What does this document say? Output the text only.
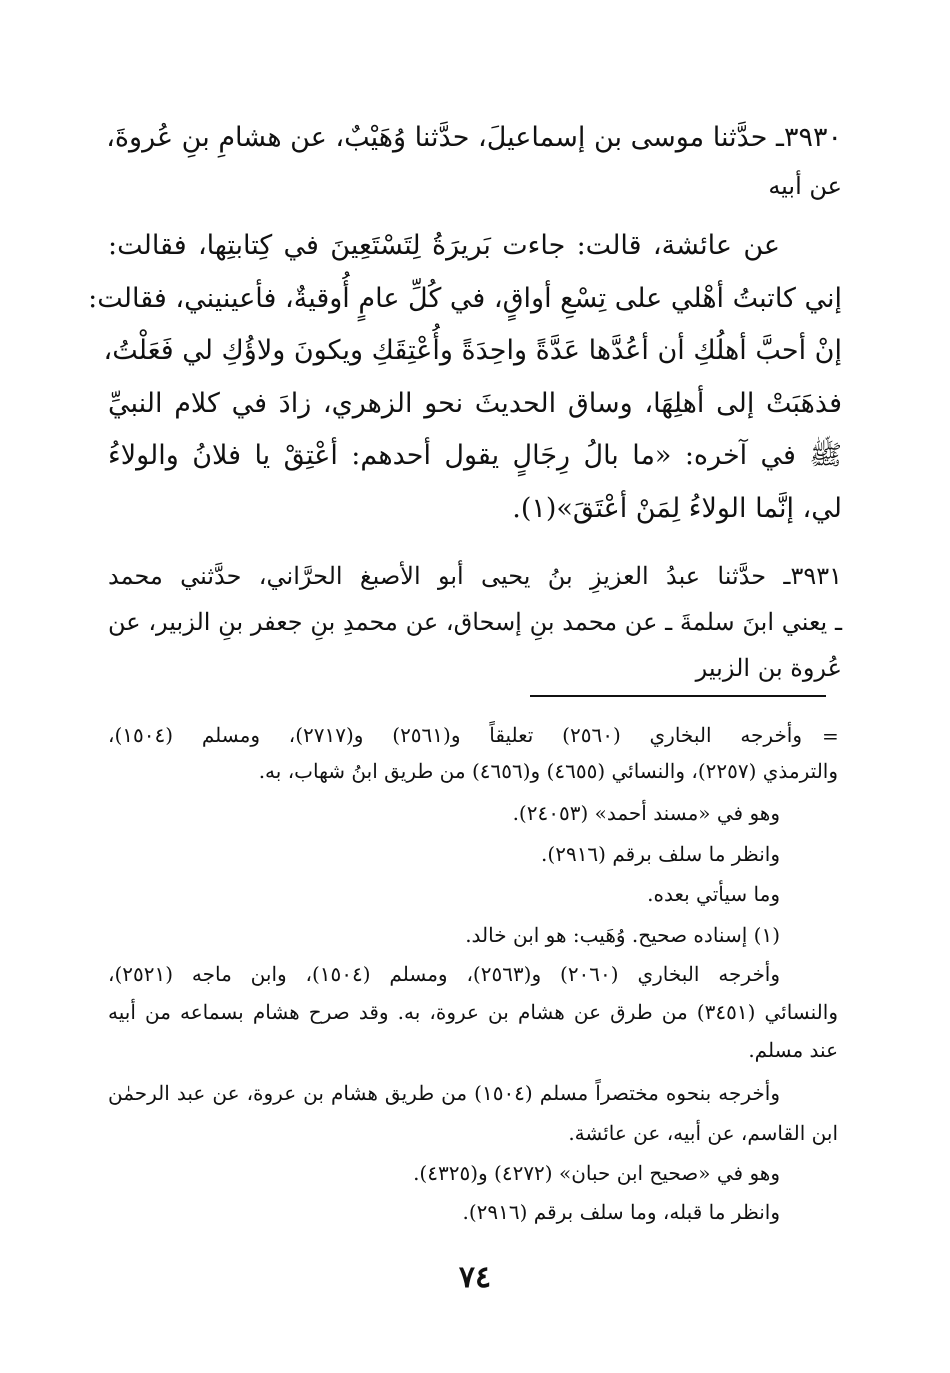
٣٩٣٠ـ حدَّثنا موسى بن إسماعيلَ، حدَّثنا وُهَيْبٌ، عن هشامِ بنِ عُروةَ،
عن أبيه
عن عائشة، قالت: جاءت بَريرَةُ لِتَسْتَعِينَ في كِتابتِها، فقالت:
إني كاتبتُ أهْلي على تِسْعِ أواقٍ، في كُلِّ عامٍ أُوقيةٌ، فأعينيني، فقالت:
إنْ أحبَّ أهلُكِ أن أعُدَّها عَدَّةً واحِدَةً وأُعْتِقَكِ ويكونَ ولاؤُكِ لي فَعَلْتُ،
فذهَبَتْ إلى أهلِهَا، وساق الحديثَ نحو الزهري، زادَ في كلام النبيِّ
ﷺ في آخره: «ما بالُ رِجَالٍ يقول أحدهم: أعْتِقْ يا فلانُ والولاءُ
لي، إنَّما الولاءُ لِمَنْ أعْتَقَ»(١).
٣٩٣١ـ حدَّثنا عبدُ العزيزِ بنُ يحيى أبو الأصبغ الحرَّاني، حدَّثني محمد
ـ يعني ابنَ سلمةَ ـ عن محمد بنِ إسحاق، عن محمدِ بنِ جعفر بنِ الزبير، عن
عُروة بن الزبير
=
وأخرجه البخاري (٢٥٦٠) تعليقاً و(٢٥٦١) و(٢٧١٧)، ومسلم (١٥٠٤)،
والترمذي (٢٢٥٧)، والنسائي (٤٦٥٥) و(٤٦٥٦) من طريق ابنُ شهاب، به.
وهو في «مسند أحمد» (٢٤٠٥٣).
وانظر ما سلف برقم (٢٩١٦).
وما سيأتي بعده.
(١) إسناده صحيح. وُهَيب: هو ابن خالد.
وأخرجه البخاري (٢٠٦٠) و(٢٥٦٣)، ومسلم (١٥٠٤)، وابن ماجه (٢٥٢١)،
والنسائي (٣٤٥١) من طرق عن هشام بن عروة، به. وقد صرح هشام بسماعه من أبيه
عند مسلم.
وأخرجه بنحوه مختصراً مسلم (١٥٠٤) من طريق هشام بن عروة، عن عبد الرحمٰن
ابن القاسم، عن أبيه، عن عائشة.
وهو في «صحيح ابن حبان» (٤٢٧٢) و(٤٣٢٥).
وانظر ما قبله، وما سلف برقم (٢٩١٦).
٧٤
